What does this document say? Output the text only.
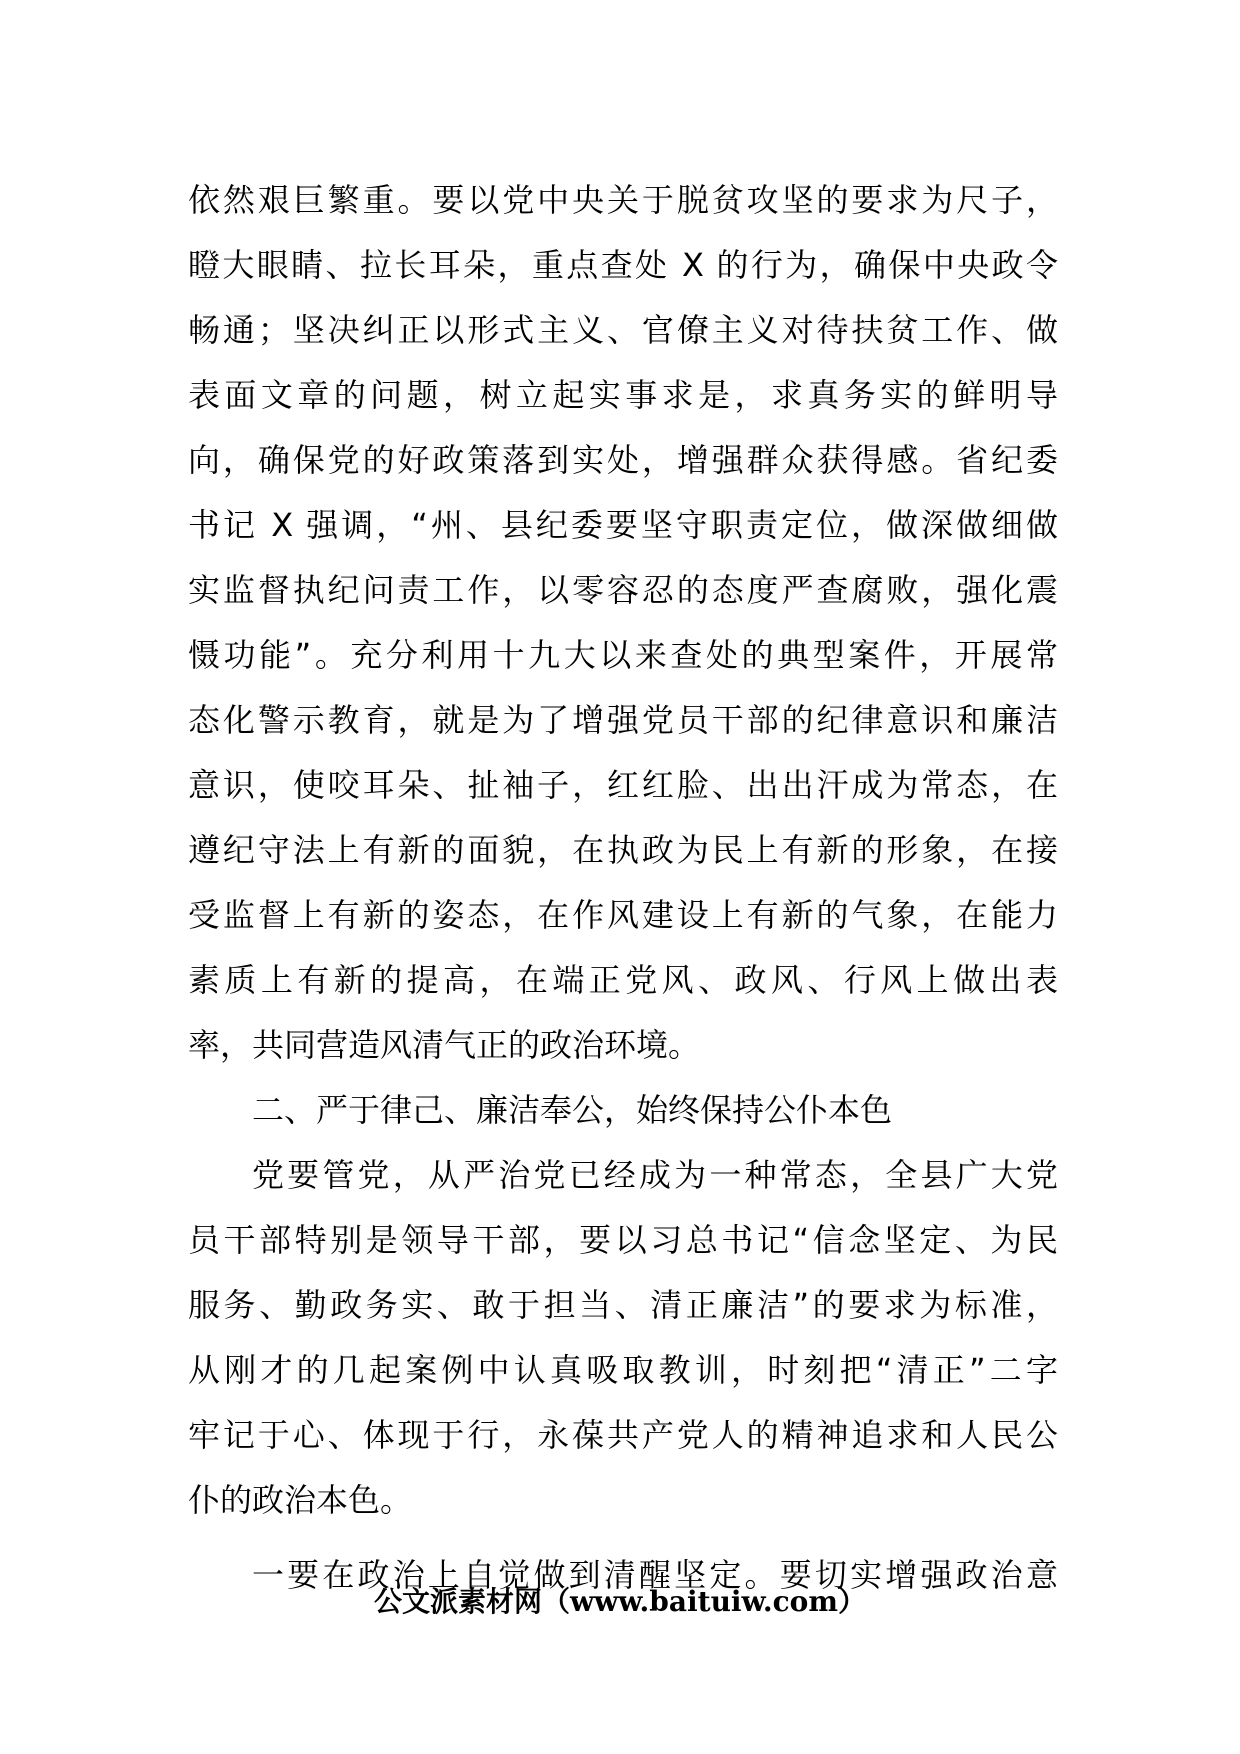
依然艰巨繁重。要以党中央关于脱贫攻坚的要求为尺子，
瞪大眼睛、拉长耳朵，重点查处 X 的行为，确保中央政令
畅通；坚决纠正以形式主义、官僚主义对待扶贫工作、做
表面文章的问题，树立起实事求是，求真务实的鲜明导
向，确保党的好政策落到实处，增强群众获得感。省纪委
书记 X 强调，“州、县纪委要坚守职责定位，做深做细做
实监督执纪问责工作，以零容忍的态度严查腐败，强化震
慑功能”。充分利用十九大以来查处的典型案件，开展常
态化警示教育，就是为了增强党员干部的纪律意识和廉洁
意识，使咬耳朵、扯袖子，红红脸、出出汗成为常态，在
遵纪守法上有新的面貌，在执政为民上有新的形象，在接
受监督上有新的姿态，在作风建设上有新的气象，在能力
素质上有新的提高，在端正党风、政风、行风上做出表
率，共同营造风清气正的政治环境。
二、严于律己、廉洁奉公，始终保持公仆本色
党要管党，从严治党已经成为一种常态，全县广大党
员干部特别是领导干部，要以习总书记“信念坚定、为民
服务、勤政务实、敢于担当、清正廉洁”的要求为标准，
从刚才的几起案例中认真吸取教训，时刻把“清正”二字
牢记于心、体现于行，永葆共产党人的精神追求和人民公
仆的政治本色。
一要在政治上自觉做到清醒坚定。要切实增强政治意
公文派素材网（www.baituiw.com）
